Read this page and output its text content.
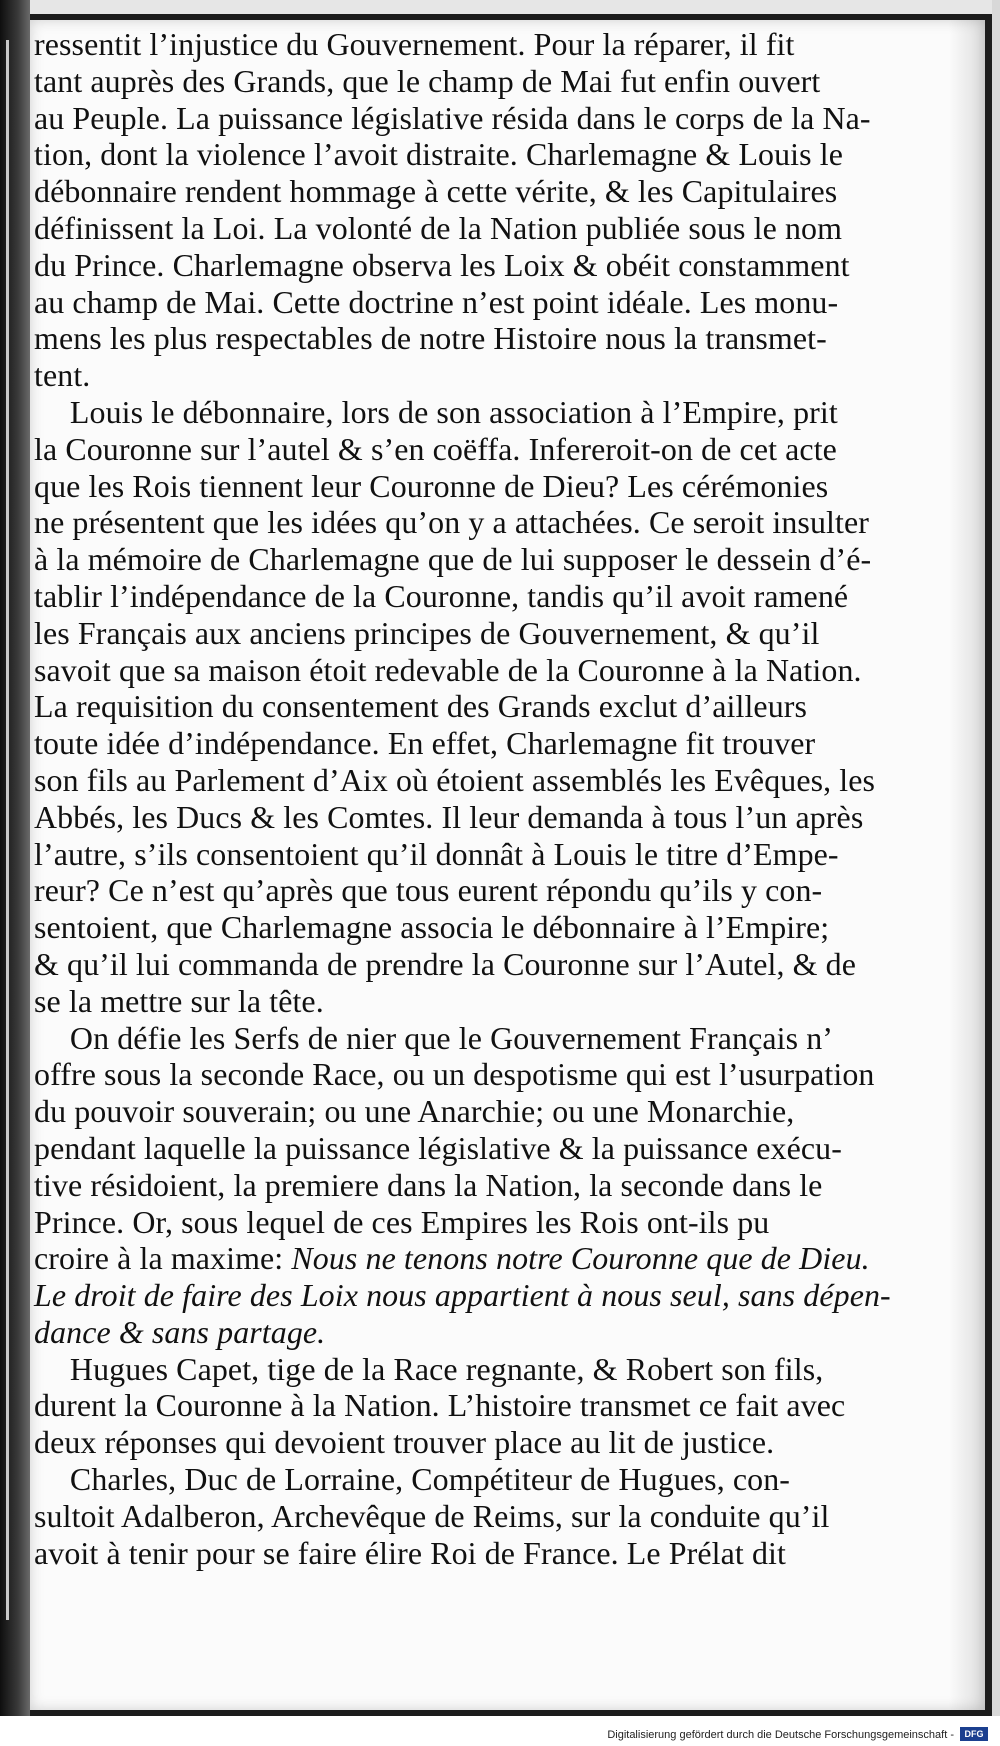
ressentit l’injustice du Gouvernement. Pour la réparer, il fit
tant auprès des Grands, que le champ de Mai fut enfin ouvert
au Peuple. La puissance législative résida dans le corps de la Na-
tion, dont la violence l’avoit distraite. Charlemagne & Louis le
débonnaire rendent hommage à cette vérite, & les Capitulaires
définissent la Loi. La volonté de la Nation publiée sous le nom
du Prince. Charlemagne observa les Loix & obéit constamment
au champ de Mai. Cette doctrine n’est point idéale. Les monu-
mens les plus respectables de notre Histoire nous la transmet-
tent.
Louis le débonnaire, lors de son association à l’Empire, prit
la Couronne sur l’autel & s’en coëffa. Infereroit-on de cet acte
que les Rois tiennent leur Couronne de Dieu? Les cérémonies
ne présentent que les idées qu’on y a attachées. Ce seroit insulter
à la mémoire de Charlemagne que de lui supposer le dessein d’é-
tablir l’indépendance de la Couronne, tandis qu’il avoit ramené
les Français aux anciens principes de Gouvernement, & qu’il
savoit que sa maison étoit redevable de la Couronne à la Nation.
La requisition du consentement des Grands exclut d’ailleurs
toute idée d’indépendance. En effet, Charlemagne fit trouver
son fils au Parlement d’Aix où étoient assemblés les Evêques, les
Abbés, les Ducs & les Comtes. Il leur demanda à tous l’un après
l’autre, s’ils consentoient qu’il donnât à Louis le titre d’Empe-
reur? Ce n’est qu’après que tous eurent répondu qu’ils y con-
sentoient, que Charlemagne associa le débonnaire à l’Empire;
& qu’il lui commanda de prendre la Couronne sur l’Autel, & de
se la mettre sur la tête.
On défie les Serfs de nier que le Gouvernement Français n’
offre sous la seconde Race, ou un despotisme qui est l’usurpation
du pouvoir souverain; ou une Anarchie; ou une Monarchie,
pendant laquelle la puissance législative & la puissance exécu-
tive résidoient, la premiere dans la Nation, la seconde dans le
Prince. Or, sous lequel de ces Empires les Rois ont-ils pu
croire à la maxime: Nous ne tenons notre Couronne que de Dieu.
Le droit de faire des Loix nous appartient à nous seul, sans dépen-
dance & sans partage.
Hugues Capet, tige de la Race regnante, & Robert son fils,
durent la Couronne à la Nation. L’histoire transmet ce fait avec
deux réponses qui devoient trouver place au lit de justice.
Charles, Duc de Lorraine, Compétiteur de Hugues, con-
sultoit Adalberon, Archevêque de Reims, sur la conduite qu’il
avoit à tenir pour se faire élire Roi de France. Le Prélat dit
Digitalisierung gefördert durch die Deutsche Forschungsgemeinschaft -	DFG
